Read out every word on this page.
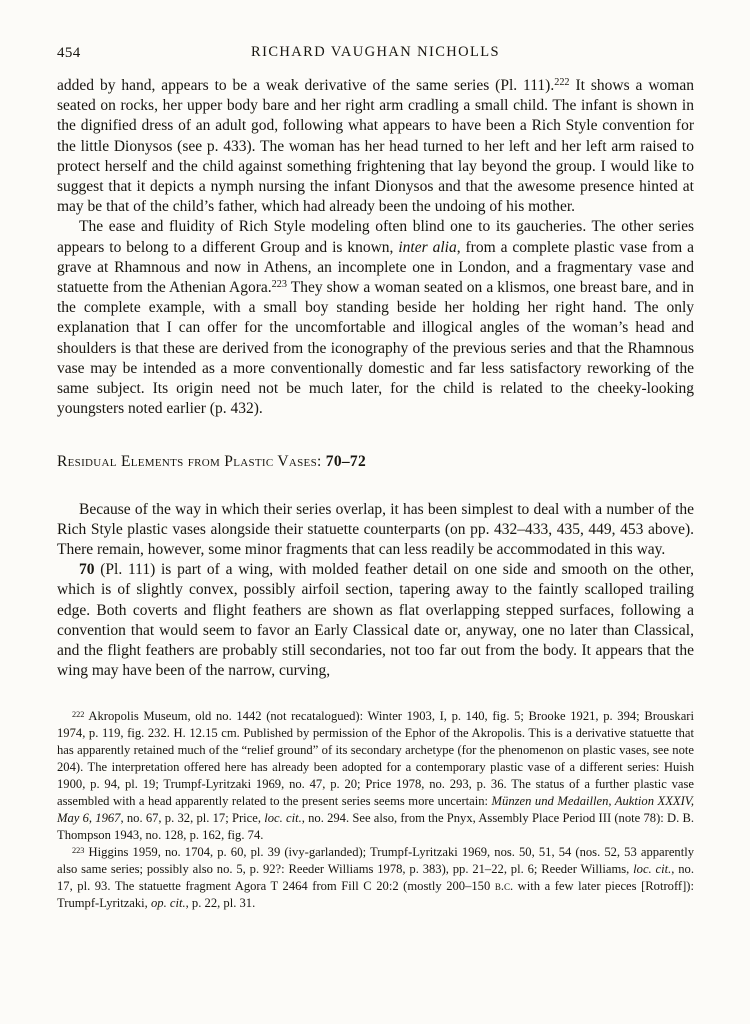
454	RICHARD VAUGHAN NICHOLLS

added by hand, appears to be a weak derivative of the same series (Pl. 111).$^{222}$ It shows a woman seated on rocks, her upper body bare and her right arm cradling a small child. The infant is shown in the dignified dress of an adult god, following what appears to have been a Rich Style convention for the little Dionysos (see p. 433). The woman has her head turned to her left and her left arm raised to protect herself and the child against something frightening that lay beyond the group. I would like to suggest that it depicts a nymph nursing the infant Dionysos and that the awesome presence hinted at may be that of the child’s father, which had already been the undoing of his mother.

The ease and fluidity of Rich Style modeling often blind one to its gaucheries. The other series appears to belong to a different Group and is known, inter alia, from a complete plastic vase from a grave at Rhamnous and now in Athens, an incomplete one in London, and a fragmentary vase and statuette from the Athenian Agora.$^{223}$ They show a woman seated on a klismos, one breast bare, and in the complete example, with a small boy standing beside her holding her right hand. The only explanation that I can offer for the uncomfortable and illogical angles of the woman’s head and shoulders is that these are derived from the iconography of the previous series and that the Rhamnous vase may be intended as a more conventionally domestic and far less satisfactory reworking of the same subject. Its origin need not be much later, for the child is related to the cheeky-looking youngsters noted earlier (p. 432).

Residual Elements from Plastic Vases: 70–72

Because of the way in which their series overlap, it has been simplest to deal with a number of the Rich Style plastic vases alongside their statuette counterparts (on pp. 432–433, 435, 449, 453 above). There remain, however, some minor fragments that can less readily be accommodated in this way.

70 (Pl. 111) is part of a wing, with molded feather detail on one side and smooth on the other, which is of slightly convex, possibly airfoil section, tapering away to the faintly scalloped trailing edge. Both coverts and flight feathers are shown as flat overlapping stepped surfaces, following a convention that would seem to favor an Early Classical date or, anyway, one no later than Classical, and the flight feathers are probably still secondaries, not too far out from the body. It appears that the wing may have been of the narrow, curving,

$^{222}$ Akropolis Museum, old no. 1442 (not recatalogued): Winter 1903, I, p. 140, fig. 5; Brooke 1921, p. 394; Brouskari 1974, p. 119, fig. 232. H. 12.15 cm. Published by permission of the Ephor of the Akropolis. This is a derivative statuette that has apparently retained much of the “relief ground” of its secondary archetype (for the phenomenon on plastic vases, see note 204). The interpretation offered here has already been adopted for a contemporary plastic vase of a different series: Huish 1900, p. 94, pl. 19; Trumpf-Lyritzaki 1969, no. 47, p. 20; Price 1978, no. 293, p. 36. The status of a further plastic vase assembled with a head apparently related to the present series seems more uncertain: Münzen und Medaillen, Auktion XXXIV, May 6, 1967, no. 67, p. 32, pl. 17; Price, loc. cit., no. 294. See also, from the Pnyx, Assembly Place Period III (note 78): D. B. Thompson 1943, no. 128, p. 162, fig. 74.

$^{223}$ Higgins 1959, no. 1704, p. 60, pl. 39 (ivy-garlanded); Trumpf-Lyritzaki 1969, nos. 50, 51, 54 (nos. 52, 53 apparently also same series; possibly also no. 5, p. 92?: Reeder Williams 1978, p. 383), pp. 21–22, pl. 6; Reeder Williams, loc. cit., no. 17, pl. 93. The statuette fragment Agora T 2464 from Fill C 20:2 (mostly 200–150 b.c. with a few later pieces [Rotroff]): Trumpf-Lyritzaki, op. cit., p. 22, pl. 31.
